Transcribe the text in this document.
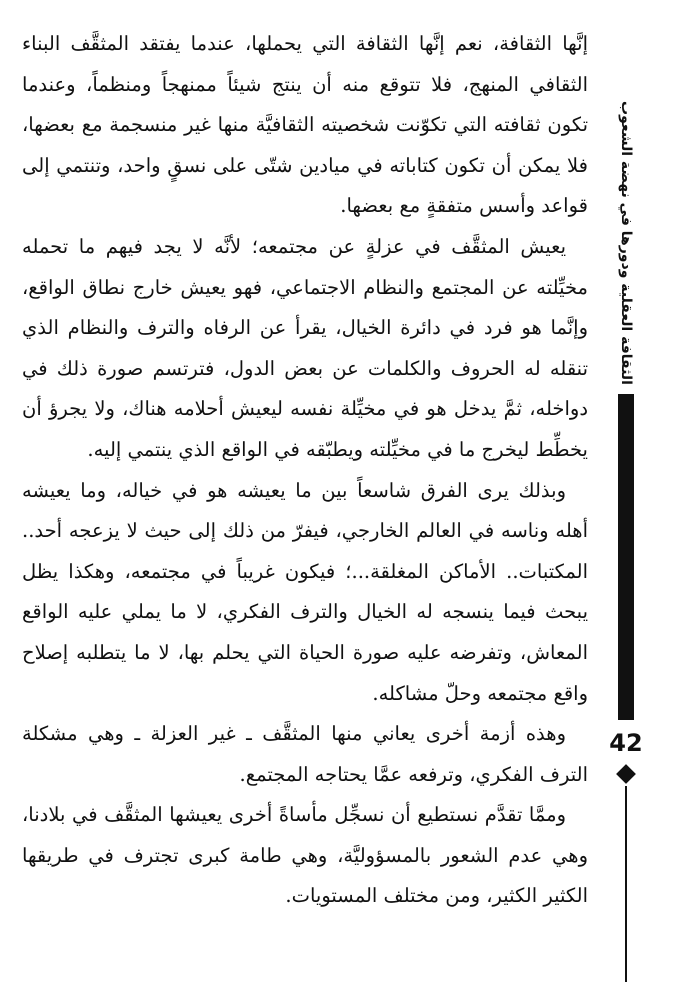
إنَّها الثقافة، نعم إنَّها الثقافة التي يحملها، عندما يفتقد المثقَّف البناء الثقافي المنهج، فلا تتوقع منه أن ينتج شيئاً ممنهجاً ومنظماً، وعندما تكون ثقافته التي تكوّنت شخصيته الثقافيَّة منها غير منسجمة مع بعضها، فلا يمكن أن تكون كتاباته في ميادين شتّى على نسقٍ واحد، وتنتمي إلى قواعد وأسس متفقةٍ مع بعضها.

يعيش المثقَّف في عزلةٍ عن مجتمعه؛ لأنَّه لا يجد فيهم ما تحمله مخيِّلته عن المجتمع والنظام الاجتماعي، فهو يعيش خارج نطاق الواقع، وإنَّما هو فرد في دائرة الخيال، يقرأ عن الرفاه والترف والنظام الذي تنقله له الحروف والكلمات عن بعض الدول، فترتسم صورة ذلك في دواخله، ثمَّ يدخل هو في مخيِّلة نفسه ليعيش أحلامه هناك، ولا يجرؤ أن يخطِّط ليخرج ما في مخيِّلته ويطبّقه في الواقع الذي ينتمي إليه.

وبذلك يرى الفرق شاسعاً بين ما يعيشه هو في خياله، وما يعيشه أهله وناسه في العالم الخارجي، فيفرّ من ذلك إلى حيث لا يزعجه أحد.. المكتبات.. الأماكن المغلقة...؛ فيكون غريباً في مجتمعه، وهكذا يظل يبحث فيما ينسجه له الخيال والترف الفكري، لا ما يملي عليه الواقع المعاش، وتفرضه عليه صورة الحياة التي يحلم بها، لا ما يتطلبه إصلاح واقع مجتمعه وحلّ مشاكله.

وهذه أزمة أخرى يعاني منها المثقَّف ـ غير العزلة ـ وهي مشكلة الترف الفكري، وترفعه عمَّا يحتاجه المجتمع.

وممَّا تقدَّم نستطيع أن نسجِّل مأساةً أخرى يعيشها المثقَّف في بلادنا، وهي عدم الشعور بالمسؤوليَّة، وهي طامة كبرى تجترف في طريقها الكثير الكثير، ومن مختلف المستويات.

الثقافة العقلية ودورها في نهضة الشعوب
42
